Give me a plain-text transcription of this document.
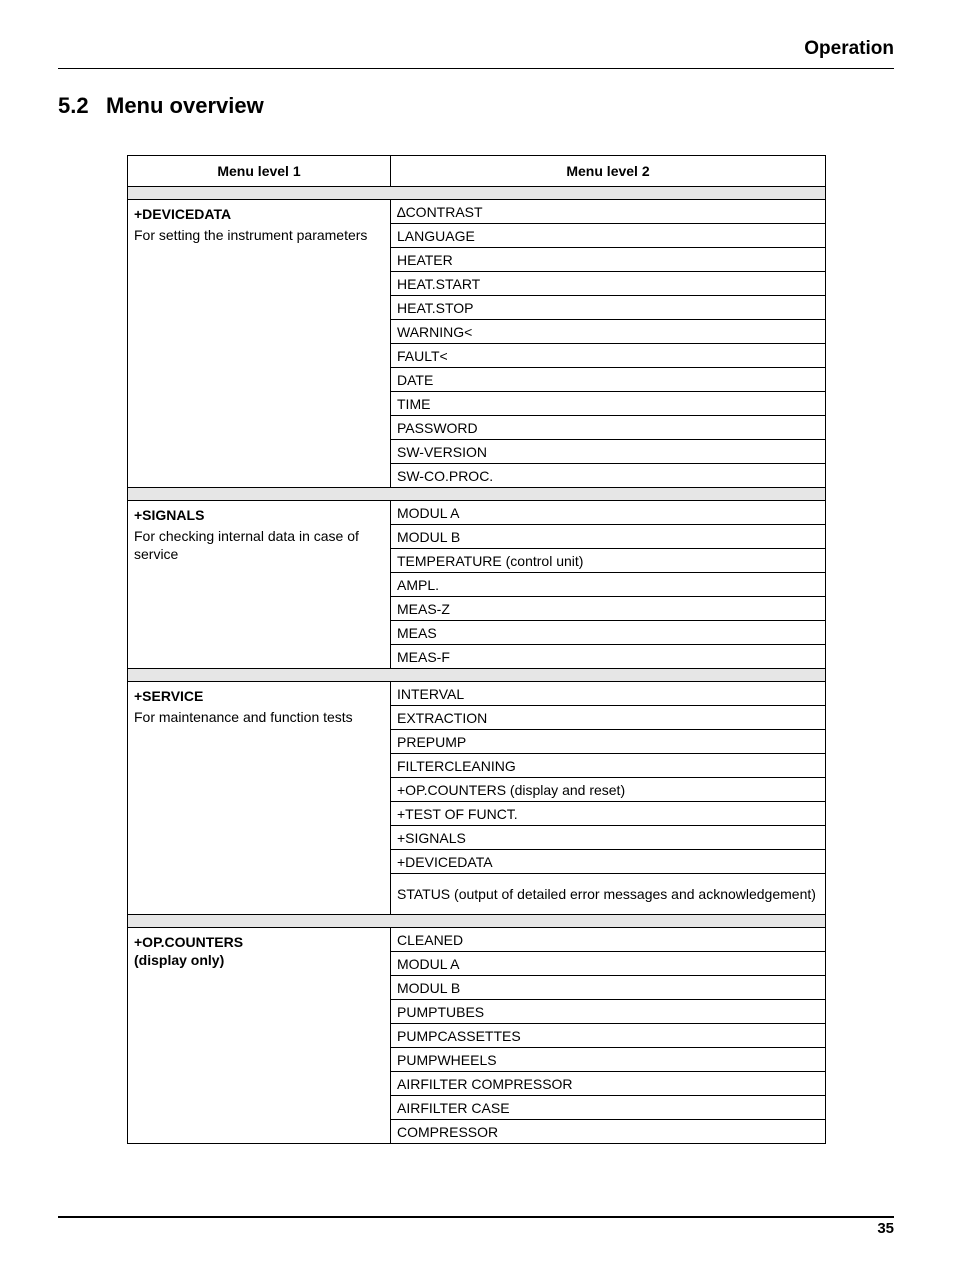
Operation
5.2 Menu overview
Menu level 1	Menu level 2

+DEVICEDATA
For setting the instrument parameters	∆CONTRAST
	LANGUAGE
	HEATER
	HEAT.START
	HEAT.STOP
	WARNING<
	FAULT<
	DATE
	TIME
	PASSWORD
	SW-VERSION
	SW-CO.PROC.

+SIGNALS
For checking internal data in case of service	MODUL A
	MODUL B
	TEMPERATURE (control unit)
	AMPL.
	MEAS-Z
	MEAS
	MEAS-F

+SERVICE
For maintenance and function tests	INTERVAL
	EXTRACTION
	PREPUMP
	FILTERCLEANING
	+OP.COUNTERS (display and reset)
	+TEST OF FUNCT.
	+SIGNALS
	+DEVICEDATA
	STATUS (output of detailed error messages and acknowledgement)

+OP.COUNTERS
(display only)	CLEANED
	MODUL A
	MODUL B
	PUMPTUBES
	PUMPCASSETTES
	PUMPWHEELS
	AIRFILTER COMPRESSOR
	AIRFILTER CASE
	COMPRESSOR
35
